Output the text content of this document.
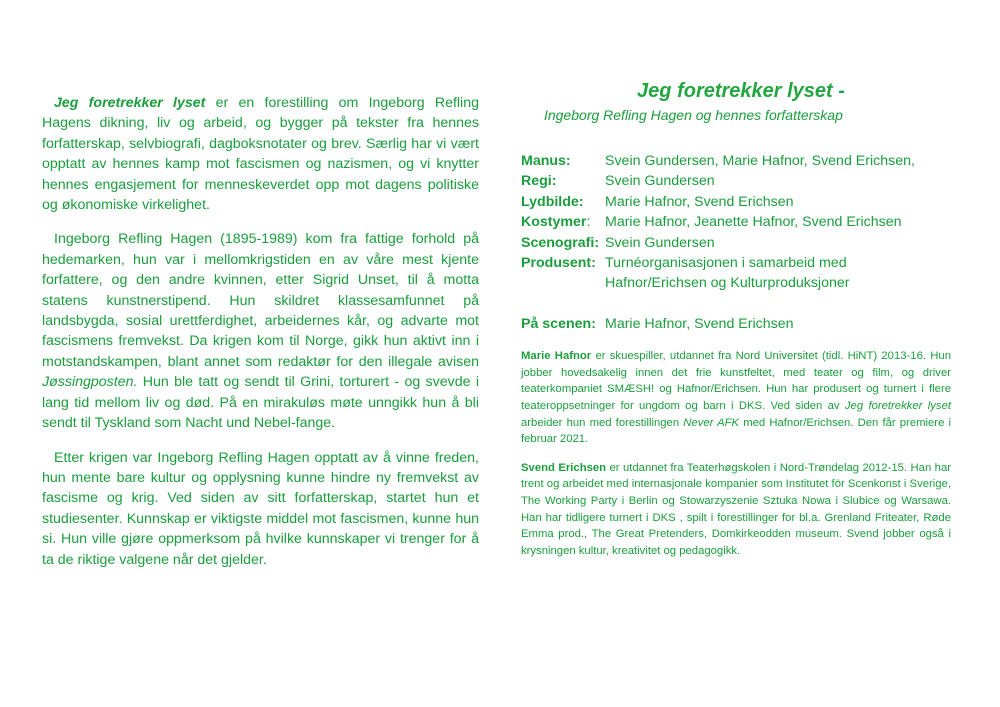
Jeg foretrekker lyset er en forestilling om Ingeborg Refling Hagens dikning, liv og arbeid, og bygger på tekster fra hennes forfatterskap, selvbiografi, dagboksnotater og brev. Særlig har vi vært opptatt av hennes kamp mot fascismen og nazismen, og vi knytter hennes engasjement for menneskeverdet opp mot dagens politiske og økonomiske virkelighet.

Ingeborg Refling Hagen (1895-1989) kom fra fattige forhold på hedemarken, hun var i mellomkrigstiden en av våre mest kjente forfattere, og den andre kvinnen, etter Sigrid Unset, til å motta statens kunstnerstipend. Hun skildret klassesamfunnet på landsbygda, sosial urettferdighet, arbeidernes kår, og advarte mot fascismens fremvekst. Da krigen kom til Norge, gikk hun aktivt inn i motstandskampen, blant annet som redaktør for den illegale avisen Jøssingposten. Hun ble tatt og sendt til Grini, torturert - og svevde i lang tid mellom liv og død. På en mirakuløs møte unngikk hun å bli sendt til Tyskland som Nacht und Nebel-fange.

Etter krigen var Ingeborg Refling Hagen opptatt av å vinne freden, hun mente bare kultur og opplysning kunne hindre ny fremvekst av fascisme og krig. Ved siden av sitt forfatterskap, startet hun et studiesenter. Kunnskap er viktigste middel mot fascismen, kunne hun si. Hun ville gjøre oppmerksom på hvilke kunnskaper vi trenger for å ta de riktige valgene når det gjelder.

Jeg foretrekker lyset -
Ingeborg Refling Hagen og hennes forfatterskap
Manus:	Svein Gundersen, Marie Hafnor, Svend Erichsen,
Regi:	Svein Gundersen
Lydbilde:	Marie Hafnor, Svend Erichsen
Kostymer:	Marie Hafnor, Jeanette Hafnor, Svend Erichsen
Scenografi: Svein Gundersen
Produsent: Turnéorganisasjonen i samarbeid med
Hafnor/Erichsen og Kulturproduksjoner
På scenen: Marie Hafnor, Svend Erichsen

Marie Hafnor er skuespiller, utdannet fra Nord Universitet (tidl. HiNT) 2013-16. Hun jobber hovedsakelig innen det frie kunstfeltet, med teater og film, og driver teaterkompaniet SMÆSH! og Hafnor/Erichsen. Hun har produsert og turnert i flere teateroppsetninger for ungdom og barn i DKS. Ved siden av Jeg foretrekker lyset arbeider hun med forestillingen Never AFK med Hafnor/Erichsen. Den får premiere i februar 2021.

Svend Erichsen er utdannet fra Teaterhøgskolen i Nord-Trøndelag 2012-15. Han har trent og arbeidet med internasjonale kompanier som Institutet för Scenkonst i Sverige, The Working Party i Berlin og Stowarzyszenie Sztuka Nowa i Slubice og Warsawa. Han har tidligere turnert i DKS , spilt i forestillinger for bl.a. Grenland Friteater, Røde Emma prod., The Great Pretenders, Domkirkeodden museum. Svend jobber også i krysningen kultur, kreativitet og pedagogikk.
